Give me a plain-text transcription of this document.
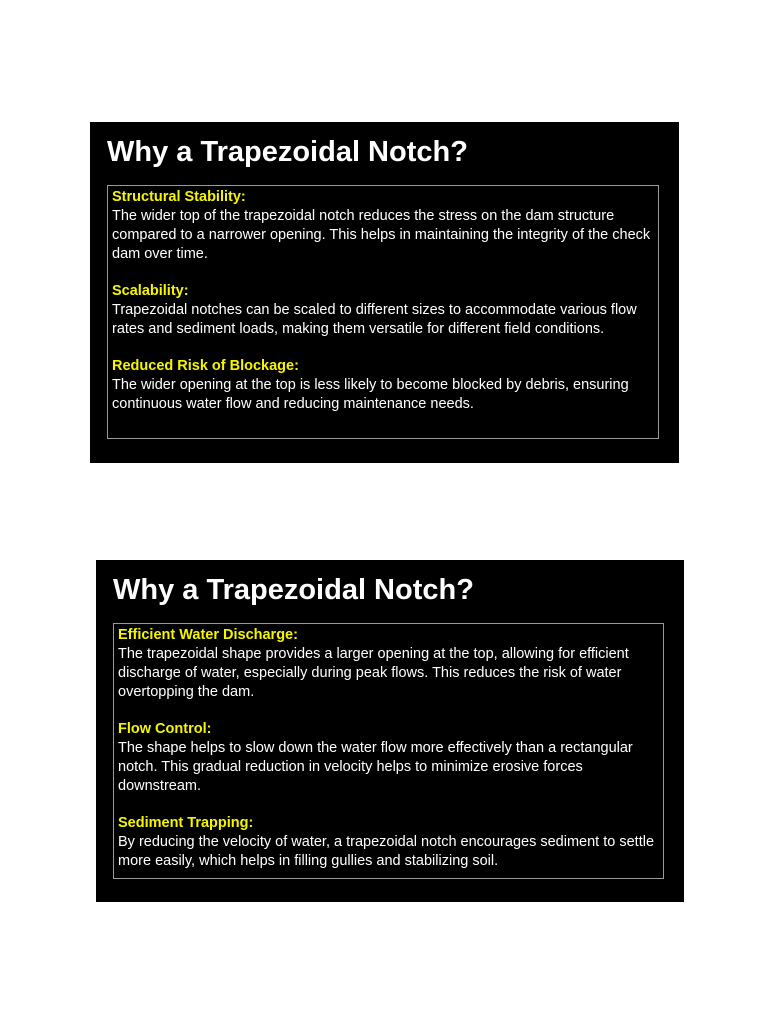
Why a Trapezoidal Notch?

Structural Stability:

The wider top of the trapezoidal notch reduces the stress on the dam structure compared to a narrower opening. This helps in maintaining the integrity of the check dam over time.

Scalability:

Trapezoidal notches can be scaled to different sizes to accommodate various flow rates and sediment loads, making them versatile for different field conditions.

Reduced Risk of Blockage:

The wider opening at the top is less likely to become blocked by debris, ensuring continuous water flow and reducing maintenance needs.

Why a Trapezoidal Notch?

Efficient Water Discharge:

The trapezoidal shape provides a larger opening at the top, allowing for efficient discharge of water, especially during peak flows. This reduces the risk of water overtopping the dam.

Flow Control:

The shape helps to slow down the water flow more effectively than a rectangular notch. This gradual reduction in velocity helps to minimize erosive forces downstream.

Sediment Trapping:

By reducing the velocity of water, a trapezoidal notch encourages sediment to settle more easily, which helps in filling gullies and stabilizing soil.
